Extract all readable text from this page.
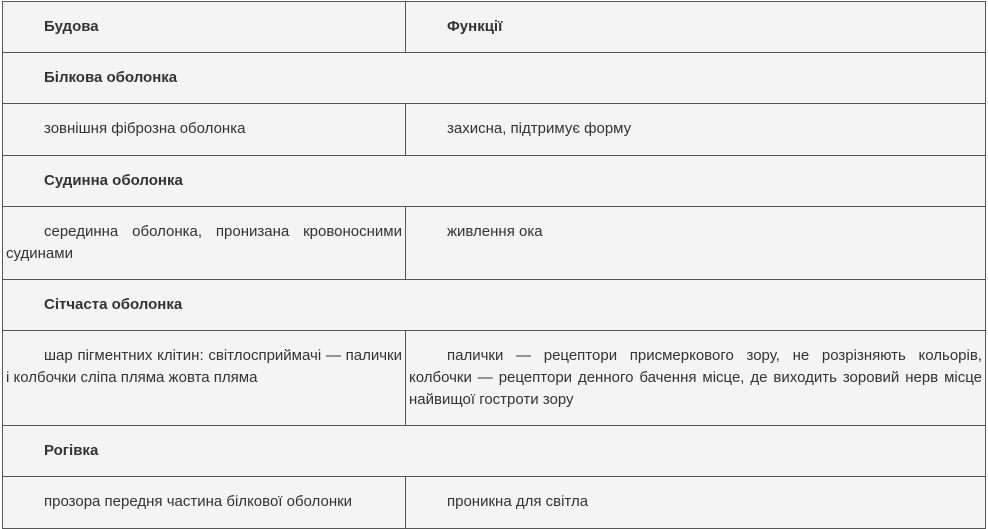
Будова	Функції
Білкова оболонка	
зовнішня фіброзна оболонка	захисна, підтримує форму
Судинна оболонка	
серединна оболонка, пронизана кровоносними судинами	живлення ока
Сітчаста оболонка	
шар пігментних клітин: світлосприймачі — палички і колбочки сліпа пляма жовта пляма	палички — рецептори присмеркового зору, не розрізняють кольорів, колбочки — рецептори денного бачення місце, де виходить зоровий нерв місце найвищої гостроти зору
Рогівка	
прозора передня частина білкової оболонки	проникна для світла
